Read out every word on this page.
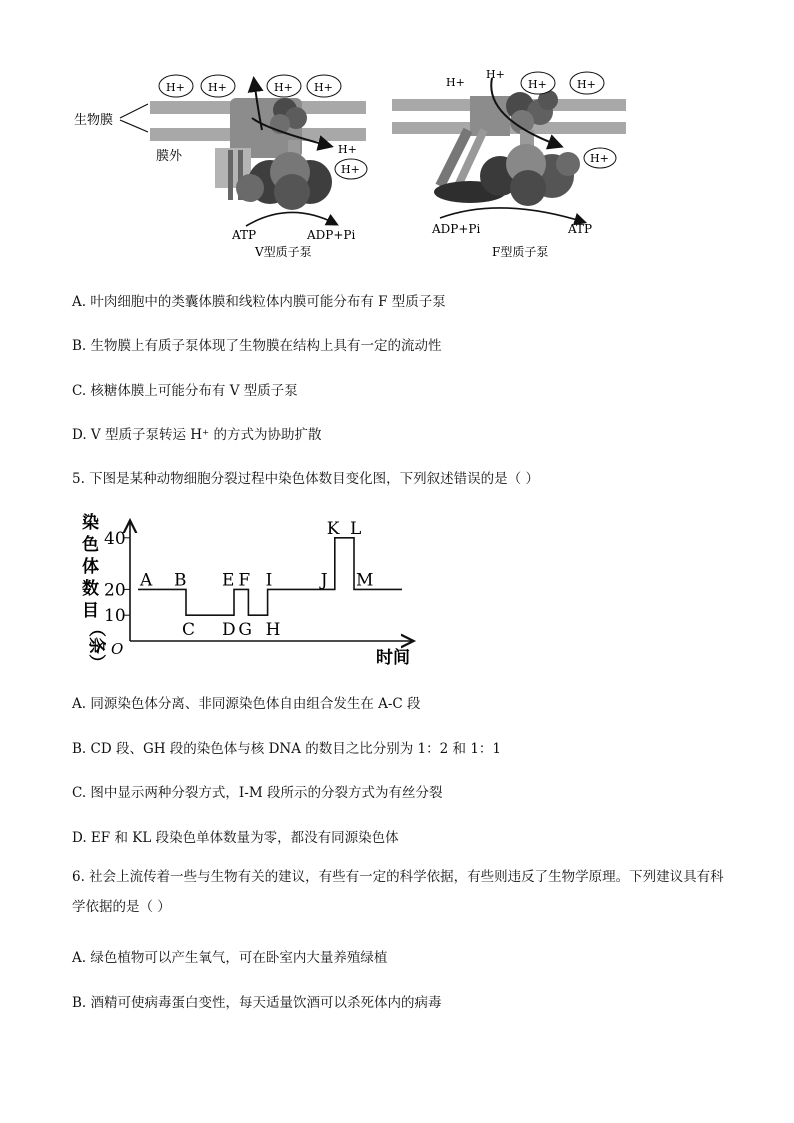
生物膜
膜外
H+ H+	H+ H+
H+
H+
ATP	ADP+Pi
V型质子泵
H+
H+
H+	H+
H+
ADP+Pi	ATP
F型质子泵
A. 叶肉细胞中的类囊体膜和线粒体内膜可能分布有 F 型质子泵
B. 生物膜上有质子泵体现了生物膜在结构上具有一定的流动性
C. 核糖体膜上可能分布有 V 型质子泵
D. V 型质子泵转运 H⁺ 的方式为协助扩散
5. 下图是某种动物细胞分裂过程中染色体数目变化图，下列叙述错误的是（ ）
染
色
体
数
目
（条）
10
20
40
O	时间
A B
C D
E F
G H
I	J
K L
M
A. 同源染色体分离、非同源染色体自由组合发生在 A-C 段
B. CD 段、GH 段的染色体与核 DNA 的数目之比分别为 1：2 和 1：1
C. 图中显示两种分裂方式，I-M 段所示的分裂方式为有丝分裂
D. EF 和 KL 段染色单体数量为零，都没有同源染色体
6. 社会上流传着一些与生物有关的建议，有些有一定的科学依据，有些则违反了生物学原理。下列建议具有科学依据的是（ ）
A. 绿色植物可以产生氧气，可在卧室内大量养殖绿植
B. 酒精可使病毒蛋白变性，每天适量饮酒可以杀死体内的病毒
